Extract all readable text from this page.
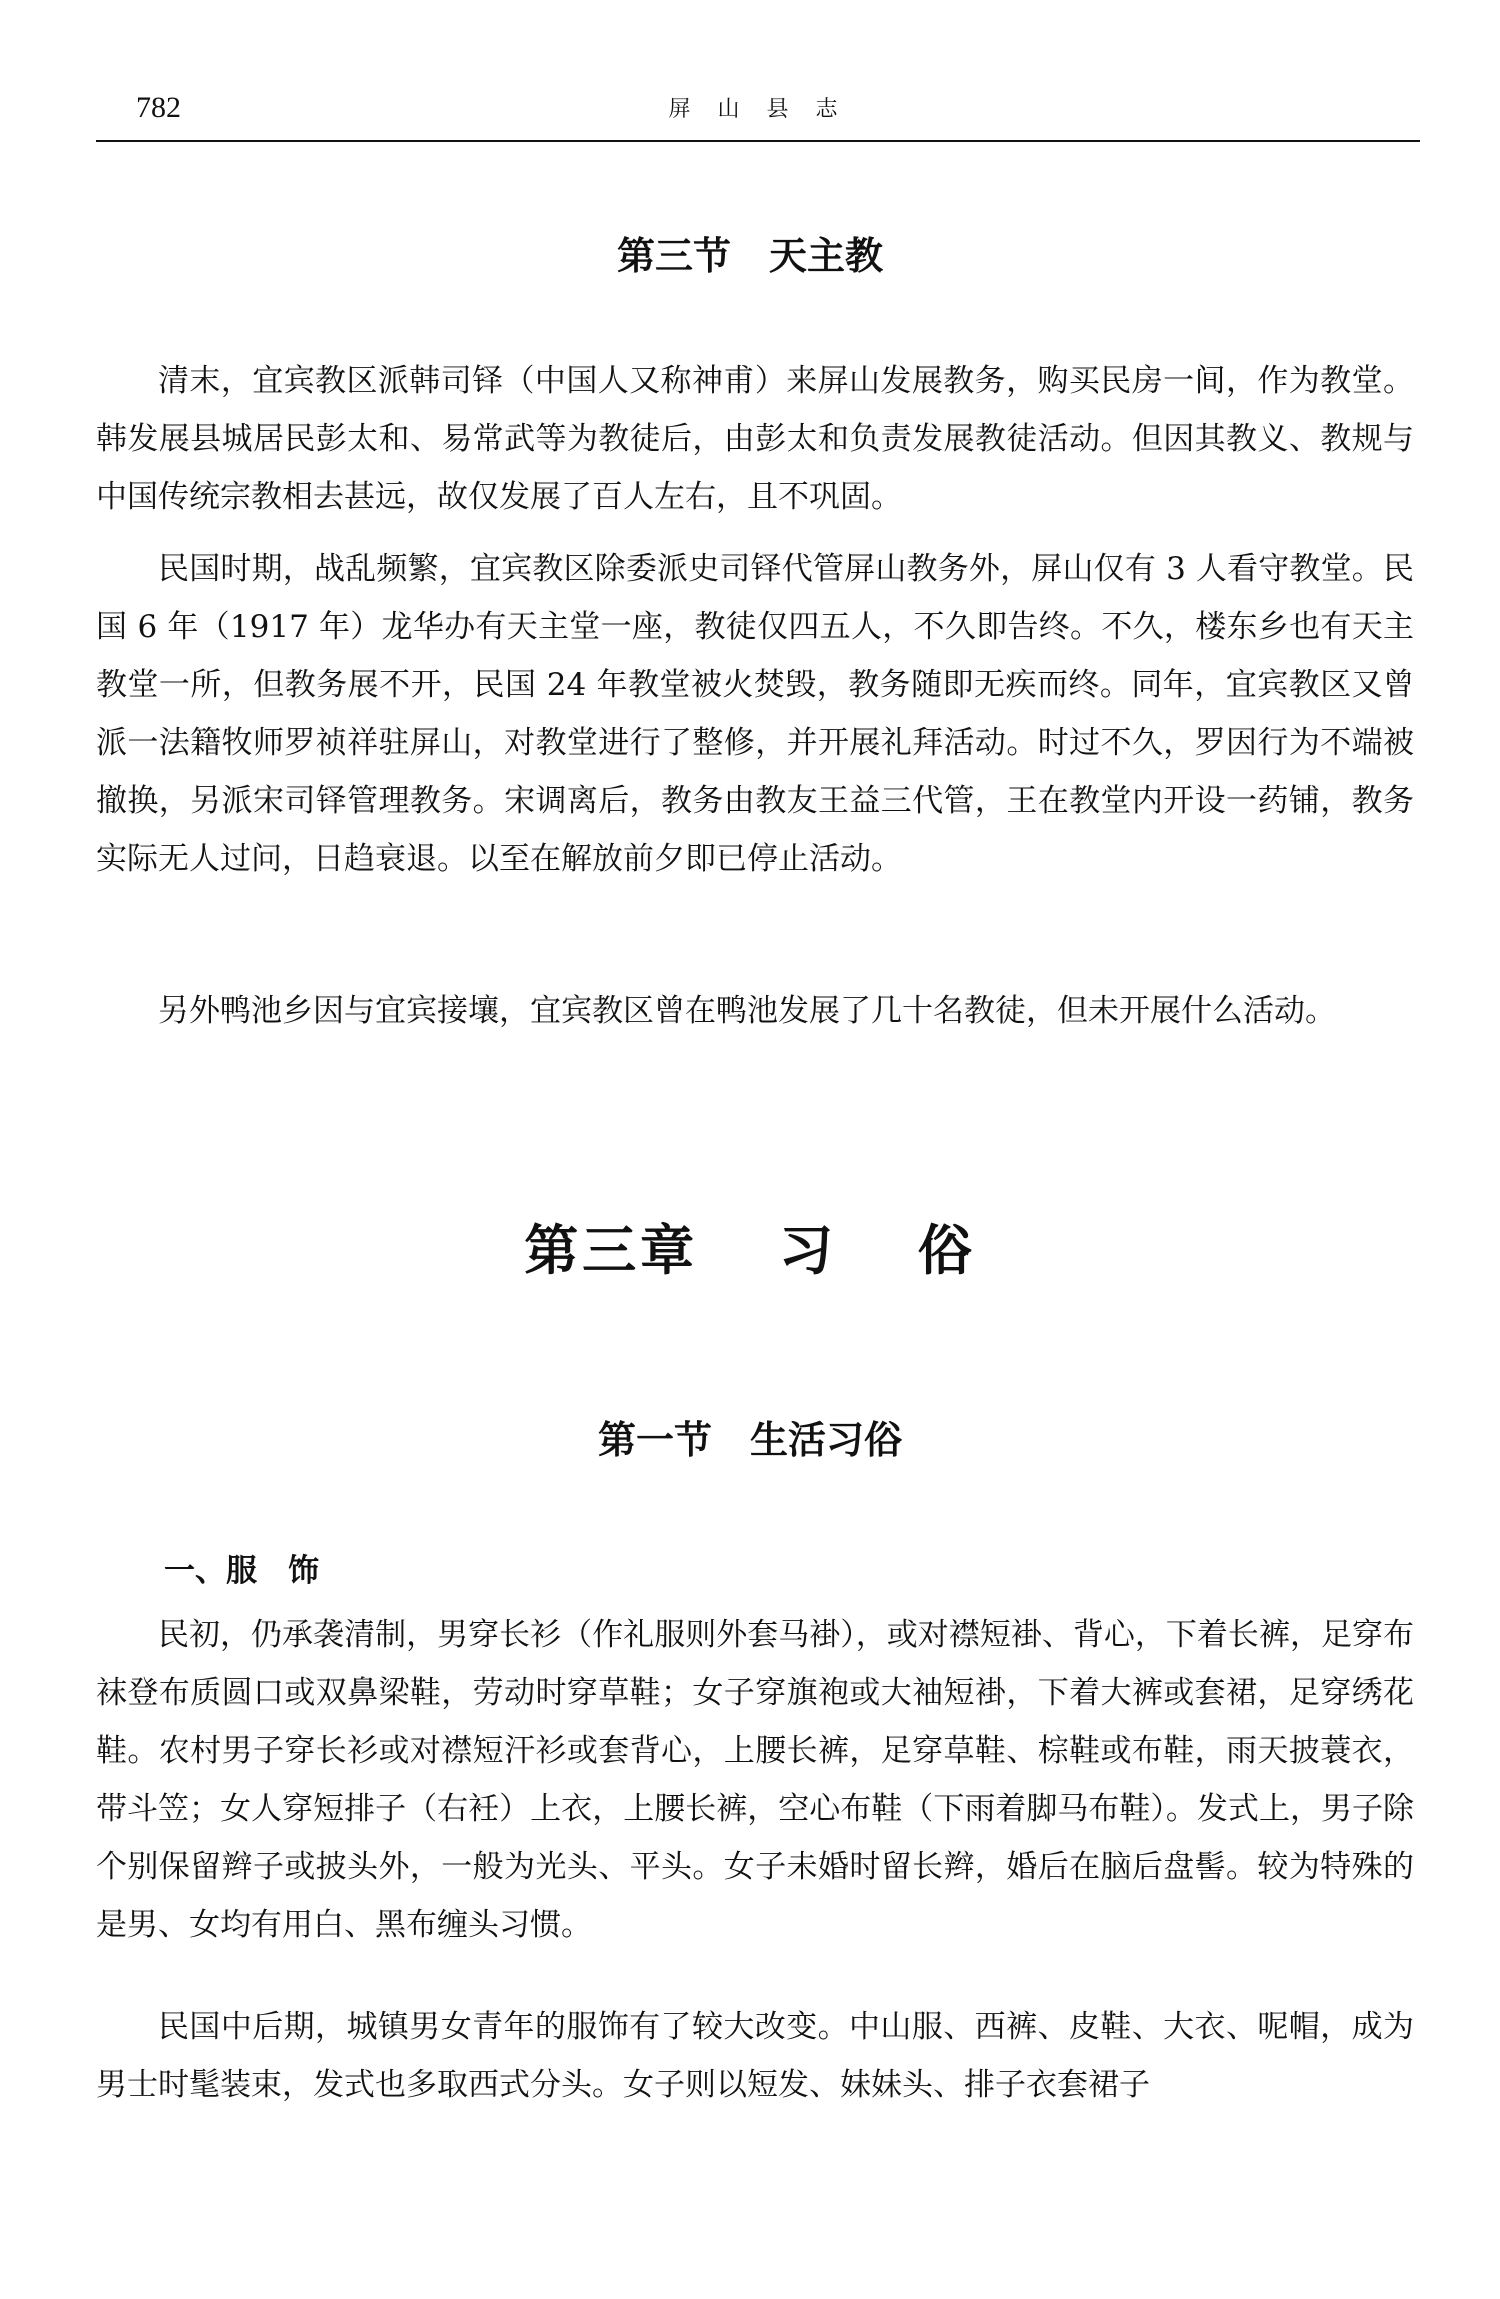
782	屏 山 县 志
第三节　天主教

清末，宜宾教区派韩司铎（中国人又称神甫）来屏山发展教务，购买民房一间，作为教堂。韩发展县城居民彭太和、易常武等为教徒后，由彭太和负责发展教徒活动。但因其教义、教规与中国传统宗教相去甚远，故仅发展了百人左右，且不巩固。

民国时期，战乱频繁，宜宾教区除委派史司铎代管屏山教务外，屏山仅有 3 人看守教堂。民国 6 年（1917 年）龙华办有天主堂一座，教徒仅四五人，不久即告终。不久，楼东乡也有天主教堂一所，但教务展不开，民国 24 年教堂被火焚毁，教务随即无疾而终。同年，宜宾教区又曾派一法籍牧师罗祯祥驻屏山，对教堂进行了整修，并开展礼拜活动。时过不久，罗因行为不端被撤换，另派宋司铎管理教务。宋调离后，教务由教友王益三代管，王在教堂内开设一药铺，教务实际无人过问，日趋衰退。以至在解放前夕即已停止活动。

另外鸭池乡因与宜宾接壤，宜宾教区曾在鸭池发展了几十名教徒，但未开展什么活动。

第三章　 习　 俗
第一节　生活习俗
一、服　饰

民初，仍承袭清制，男穿长衫（作礼服则外套马褂），或对襟短褂、背心，下着长裤，足穿布袜登布质圆口或双鼻梁鞋，劳动时穿草鞋；女子穿旗袍或大袖短褂，下着大裤或套裙，足穿绣花鞋。农村男子穿长衫或对襟短汗衫或套背心，上腰长裤，足穿草鞋、棕鞋或布鞋，雨天披蓑衣，带斗笠；女人穿短排子（右衽）上衣，上腰长裤，空心布鞋（下雨着脚马布鞋）。发式上，男子除个别保留辫子或披头外，一般为光头、平头。女子未婚时留长辫，婚后在脑后盘髻。较为特殊的是男、女均有用白、黑布缠头习惯。

民国中后期，城镇男女青年的服饰有了较大改变。中山服、西裤、皮鞋、大衣、呢帽，成为男士时髦装束，发式也多取西式分头。女子则以短发、妹妹头、排子衣套裙子
